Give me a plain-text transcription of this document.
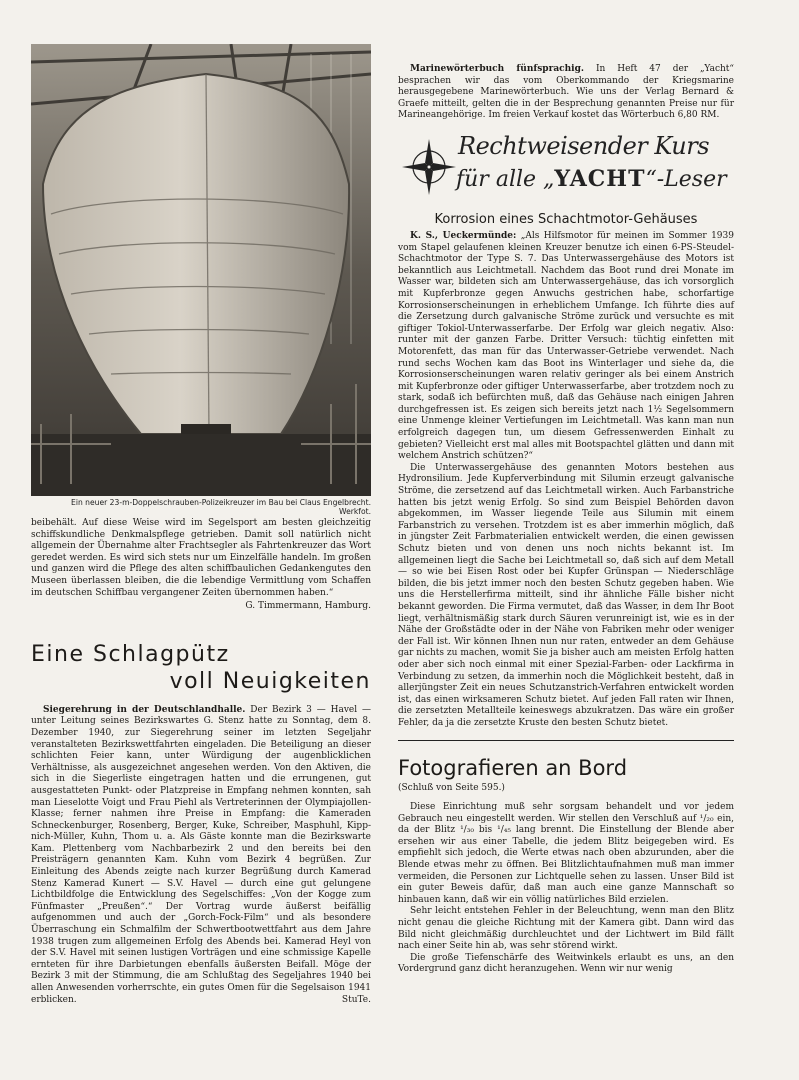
Ein neuer 23-m-Doppelschrauben-Polizeikreuzer im Bau bei Claus Engelbrecht.
Werkfot.

beibehält. Auf diese Weise wird im Segelsport am besten gleichzeitig schiffskundliche Denkmalspflege getrieben. Damit soll natürlich nicht allgemein der Übernahme alter Frachtsegler als Fahrtenkreuzer das Wort geredet werden. Es wird sich stets nur um Einzelfälle handeln. Im großen und ganzen wird die Pflege des alten schiffbaulichen Gedankengutes den Museen überlassen bleiben, die die lebendige Vermittlung vom Schaffen im deutschen Schiffbau vergangener Zeiten übernommen haben.“

G. Timmermann, Hamburg.
Eine Schlagpütz
voll Neuigkeiten

Siegerehrung in der Deutschlandhalle. Der Bezirk 3 — Havel — unter Leitung seines Bezirkswartes G. Stenz hatte zu Sonntag, dem 8. Dezember 1940, zur Siegerehrung seiner im letzten Segeljahr veranstalteten Bezirkswettfahrten eingeladen. Die Beteiligung an dieser schlichten Feier kann, unter Würdigung der augenblicklichen Verhältnisse, als ausgezeichnet angesehen werden. Von den Aktiven, die sich in die Siegerliste eingetragen hatten und die errungenen, gut ausgestatteten Punkt- oder Platzpreise in Empfang nehmen konnten, sah man Lieselotte Voigt und Frau Piehl als Vertreterinnen der Olympiajollen-Klasse; ferner nahmen ihre Preise in Empfang: die Kameraden Schneckenburger, Rosenberg, Berger, Kuke, Schreiber, Masphuhl, Kipp-nich-Müller, Kuhn, Thom u. a. Als Gäste konnte man die Bezirkswarte Kam. Plettenberg vom Nachbarbezirk 2 und den bereits bei den Preisträgern genannten Kam. Kuhn vom Bezirk 4 begrüßen. Zur Einleitung des Abends zeigte nach kurzer Begrüßung durch Kamerad Stenz Kamerad Kunert — S.V. Havel — durch eine gut gelungene Lichtbildfolge die Entwicklung des Segelschiffes: „Von der Kogge zum Fünfmaster „Preußen“.“ Der Vortrag wurde äußerst beifällig aufgenommen und auch der „Gorch-Fock-Film“ und als besondere Überraschung ein Schmalfilm der Schwertbootwettfahrt aus dem Jahre 1938 trugen zum allgemeinen Erfolg des Abends bei. Kamerad Heyl von der S.V. Havel mit seinen lustigen Vorträgen und eine schmissige Kapelle ernteten für ihre Darbietungen ebenfalls äußersten Beifall. Möge der Bezirk 3 mit der Stimmung, die am Schlußtag des Segeljahres 1940 bei allen Anwesenden vorherrschte, ein gutes Omen für die Segelsaison 1941 erblicken.	StuTe.

Marinewörterbuch fünfsprachig. In Heft 47 der „Yacht“ besprachen wir das vom Oberkommando der Kriegsmarine herausgegebene Marinewörterbuch. Wie uns der Verlag Bernard & Graefe mitteilt, gelten die in der Besprechung genannten Preise nur für Marineangehörige. Im freien Verkauf kostet das Wörterbuch 6,80 RM.

Rechtweisender Kurs
für alle „YACHT“-Leser
Korrosion eines Schachtmotor-Gehäuses

K. S., Ueckermünde: „Als Hilfsmotor für meinen im Sommer 1939 vom Stapel gelaufenen kleinen Kreuzer benutze ich einen 6-PS-Steudel-Schachtmotor der Type S. 7. Das Unterwassergehäuse des Motors ist bekanntlich aus Leichtmetall. Nachdem das Boot rund drei Monate im Wasser war, bildeten sich am Unterwassergehäuse, das ich vorsorglich mit Kupferbronze gegen Anwuchs gestrichen habe, schorfartige Korrosionserscheinungen in erheblichem Umfange. Ich führte dies auf die Zersetzung durch galvanische Ströme zurück und versuchte es mit giftiger Tokiol-Unterwasserfarbe. Der Erfolg war gleich negativ. Also: runter mit der ganzen Farbe. Dritter Versuch: tüchtig einfetten mit Motorenfett, das man für das Unterwasser-Getriebe verwendet. Nach rund sechs Wochen kam das Boot ins Winterlager und siehe da, die Korrosionserscheinungen waren relativ geringer als bei einem Anstrich mit Kupferbronze oder giftiger Unterwasserfarbe, aber trotzdem noch zu stark, sodaß ich befürchten muß, daß das Gehäuse nach einigen Jahren durchgefressen ist. Es zeigen sich bereits jetzt nach 1½ Segelsommern eine Unmenge kleiner Vertiefungen im Leichtmetall. Was kann man nun erfolgreich dagegen tun, um diesem Gefressenwerden Einhalt zu gebieten? Vielleicht erst mal alles mit Bootspachtel glätten und dann mit welchem Anstrich schützen?“

Die Unterwassergehäuse des genannten Motors bestehen aus Hydronsilium. Jede Kupferverbindung mit Silumin erzeugt galvanische Ströme, die zersetzend auf das Leichtmetall wirken. Auch Farbanstriche hatten bis jetzt wenig Erfolg. So sind zum Beispiel Behörden davon abgekommen, im Wasser liegende Teile aus Silumin mit einem Farbanstrich zu versehen. Trotzdem ist es aber immerhin möglich, daß in jüngster Zeit Farbmaterialien entwickelt werden, die einen gewissen Schutz bieten und von denen uns noch nichts bekannt ist. Im allgemeinen liegt die Sache bei Leichtmetall so, daß sich auf dem Metall — so wie bei Eisen Rost oder bei Kupfer Grünspan — Niederschläge bilden, die bis jetzt immer noch den besten Schutz gegeben haben. Wie uns die Herstellerfirma mitteilt, sind ihr ähnliche Fälle bisher nicht bekannt geworden. Die Firma vermutet, daß das Wasser, in dem Ihr Boot liegt, verhältnismäßig stark durch Säuren verunreinigt ist, wie es in der Nähe der Großstädte oder in der Nähe von Fabriken mehr oder weniger der Fall ist. Wir können Ihnen nun nur raten, entweder an dem Gehäuse gar nichts zu machen, womit Sie ja bisher auch am meisten Erfolg hatten oder aber sich noch einmal mit einer Spezial-Farben- oder Lackfirma in Verbindung zu setzen, da immerhin noch die Möglichkeit besteht, daß in allerjüngster Zeit ein neues Schutzanstrich-Verfahren entwickelt worden ist, das einen wirksameren Schutz bietet. Auf jeden Fall raten wir Ihnen, die zersetzten Metallteile keineswegs abzukratzen. Das wäre ein großer Fehler, da ja die zersetzte Kruste den besten Schutz bietet.

Fotografieren an Bord

(Schluß von Seite 595.)

Diese Einrichtung muß sehr sorgsam behandelt und vor jedem Gebrauch neu eingestellt werden. Wir stellen den Verschluß auf ¹/₂₀ ein, da der Blitz ¹/₃₀ bis ¹/₄₅ lang brennt. Die Einstellung der Blende aber ersehen wir aus einer Tabelle, die jedem Blitz beigegeben wird. Es empfiehlt sich jedoch, die Werte etwas nach oben abzurunden, aber die Blende etwas mehr zu öffnen. Bei Blitzlichtaufnahmen muß man immer vermeiden, die Personen zur Lichtquelle sehen zu lassen. Unser Bild ist ein guter Beweis dafür, daß man auch eine ganze Mannschaft so hinbauen kann, daß wir ein völlig natürliches Bild erzielen.

Sehr leicht entstehen Fehler in der Beleuchtung, wenn man den Blitz nicht genau die gleiche Richtung mit der Kamera gibt. Dann wird das Bild nicht gleichmäßig durchleuchtet und der Lichtwert im Bild fällt nach einer Seite hin ab, was sehr störend wirkt.

Die große Tiefenschärfe des Weitwinkels erlaubt es uns, an den Vordergrund ganz dicht heranzugehen. Wenn wir nur wenig
